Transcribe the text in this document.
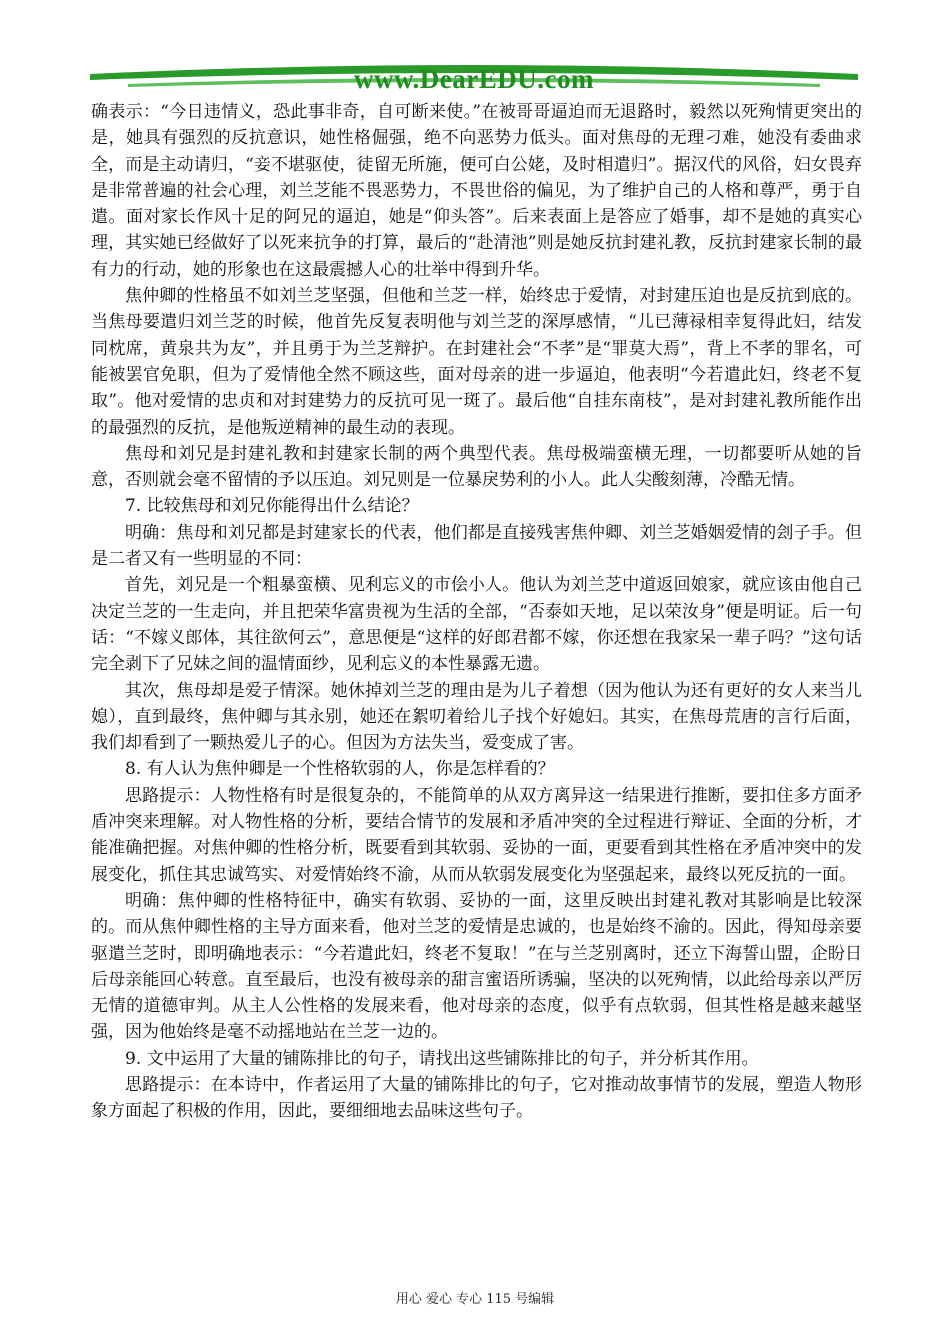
www.DearEDU.com

确表示：“今日违情义，恐此事非奇，自可断来使。”在被哥哥逼迫而无退路时，毅然以死殉情更突出的是，她具有强烈的反抗意识，她性格倔强，绝不向恶势力低头。面对焦母的无理刁难，她没有委曲求全，而是主动请归，“妾不堪驱使，徒留无所施，便可白公姥，及时相遣归”。据汉代的风俗，妇女畏弃是非常普遍的社会心理，刘兰芝能不畏恶势力，不畏世俗的偏见，为了维护自己的人格和尊严，勇于自遣。面对家长作风十足的阿兄的逼迫，她是“仰头答”。后来表面上是答应了婚事，却不是她的真实心理，其实她已经做好了以死来抗争的打算，最后的“赴清池”则是她反抗封建礼教，反抗封建家长制的最有力的行动，她的形象也在这最震撼人心的壮举中得到升华。

焦仲卿的性格虽不如刘兰芝坚强，但他和兰芝一样，始终忠于爱情，对封建压迫也是反抗到底的。当焦母要遣归刘兰芝的时候，他首先反复表明他与刘兰芝的深厚感情，“儿已薄禄相幸复得此妇，结发同枕席，黄泉共为友”，并且勇于为兰芝辩护。在封建社会“不孝”是“罪莫大焉”，背上不孝的罪名，可能被罢官免职，但为了爱情他全然不顾这些，面对母亲的进一步逼迫，他表明“今若遣此妇，终老不复取”。他对爱情的忠贞和对封建势力的反抗可见一斑了。最后他“自挂东南枝”，是对封建礼教所能作出的最强烈的反抗，是他叛逆精神的最生动的表现。

焦母和刘兄是封建礼教和封建家长制的两个典型代表。焦母极端蛮横无理，一切都要听从她的旨意，否则就会毫不留情的予以压迫。刘兄则是一位暴戾势利的小人。此人尖酸刻薄，冷酷无情。

7. 比较焦母和刘兄你能得出什么结论？

明确：焦母和刘兄都是封建家长的代表，他们都是直接残害焦仲卿、刘兰芝婚姻爱情的刽子手。但是二者又有一些明显的不同：

首先，刘兄是一个粗暴蛮横、见利忘义的市侩小人。他认为刘兰芝中道返回娘家，就应该由他自己决定兰芝的一生走向，并且把荣华富贵视为生活的全部，“否泰如天地，足以荣汝身”便是明证。后一句话：“不嫁义郎体，其往欲何云”，意思便是“这样的好郎君都不嫁，你还想在我家呆一辈子吗？”这句话完全剥下了兄妹之间的温情面纱，见利忘义的本性暴露无遗。

其次，焦母却是爱子情深。她休掉刘兰芝的理由是为儿子着想（因为他认为还有更好的女人来当儿媳），直到最终，焦仲卿与其永别，她还在絮叨着给儿子找个好媳妇。其实，在焦母荒唐的言行后面，我们却看到了一颗热爱儿子的心。但因为方法失当，爱变成了害。

8. 有人认为焦仲卿是一个性格软弱的人，你是怎样看的？

思路提示：人物性格有时是很复杂的，不能简单的从双方离异这一结果进行推断，要扣住多方面矛盾冲突来理解。对人物性格的分析，要结合情节的发展和矛盾冲突的全过程进行辩证、全面的分析，才能准确把握。对焦仲卿的性格分析，既要看到其软弱、妥协的一面，更要看到其性格在矛盾冲突中的发展变化，抓住其忠诚笃实、对爱情始终不渝，从而从软弱发展变化为坚强起来，最终以死反抗的一面。

明确：焦仲卿的性格特征中，确实有软弱、妥协的一面，这里反映出封建礼教对其影响是比较深的。而从焦仲卿性格的主导方面来看，他对兰芝的爱情是忠诚的，也是始终不渝的。因此，得知母亲要驱遣兰芝时，即明确地表示：“今若遣此妇，终老不复取！”在与兰芝别离时，还立下海誓山盟，企盼日后母亲能回心转意。直至最后，也没有被母亲的甜言蜜语所诱骗，坚决的以死殉情，以此给母亲以严厉无情的道德审判。从主人公性格的发展来看，他对母亲的态度，似乎有点软弱，但其性格是越来越坚强，因为他始终是毫不动摇地站在兰芝一边的。

9. 文中运用了大量的铺陈排比的句子，请找出这些铺陈排比的句子，并分析其作用。

思路提示：在本诗中，作者运用了大量的铺陈排比的句子，它对推动故事情节的发展，塑造人物形象方面起了积极的作用，因此，要细细地去品味这些句子。

用心 爱心 专心 115 号编辑
